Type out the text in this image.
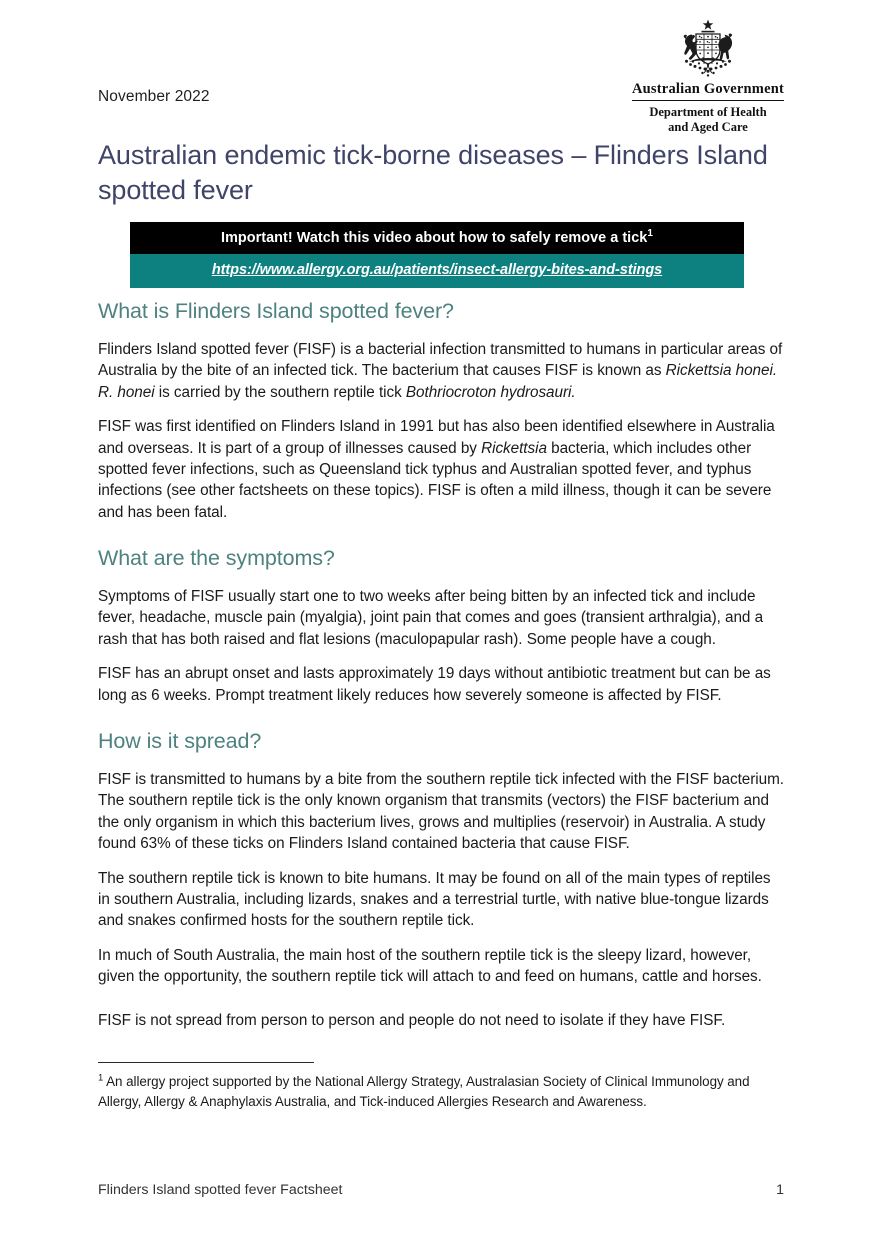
November 2022	Australian Government
Department of Health
and Aged Care
Australian endemic tick-borne diseases – Flinders Island spotted fever
Important! Watch this video about how to safely remove a tick$^1$
https://www.allergy.org.au/patients/insect-allergy-bites-and-stings
What is Flinders Island spotted fever?

Flinders Island spotted fever (FISF) is a bacterial infection transmitted to humans in particular areas of Australia by the bite of an infected tick. The bacterium that causes FISF is known as Rickettsia honei. R. honei is carried by the southern reptile tick Bothriocroton hydrosauri.

FISF was first identified on Flinders Island in 1991 but has also been identified elsewhere in Australia and overseas. It is part of a group of illnesses caused by Rickettsia bacteria, which includes other spotted fever infections, such as Queensland tick typhus and Australian spotted fever, and typhus infections (see other factsheets on these topics). FISF is often a mild illness, though it can be severe and has been fatal.

What are the symptoms?

Symptoms of FISF usually start one to two weeks after being bitten by an infected tick and include fever, headache, muscle pain (myalgia), joint pain that comes and goes (transient arthralgia), and a rash that has both raised and flat lesions (maculopapular rash). Some people have a cough.

FISF has an abrupt onset and lasts approximately 19 days without antibiotic treatment but can be as long as 6 weeks. Prompt treatment likely reduces how severely someone is affected by FISF.

How is it spread?

FISF is transmitted to humans by a bite from the southern reptile tick infected with the FISF bacterium. The southern reptile tick is the only known organism that transmits (vectors) the FISF bacterium and the only organism in which this bacterium lives, grows and multiplies (reservoir) in Australia. A study found 63% of these ticks on Flinders Island contained bacteria that cause FISF.

The southern reptile tick is known to bite humans. It may be found on all of the main types of reptiles in southern Australia, including lizards, snakes and a terrestrial turtle, with native blue-tongue lizards and snakes confirmed hosts for the southern reptile tick.

In much of South Australia, the main host of the southern reptile tick is the sleepy lizard, however, given the opportunity, the southern reptile tick will attach to and feed on humans, cattle and horses.

FISF is not spread from person to person and people do not need to isolate if they have FISF.

$^1$ An allergy project supported by the National Allergy Strategy, Australasian Society of Clinical Immunology and Allergy, Allergy & Anaphylaxis Australia, and Tick-induced Allergies Research and Awareness.

Flinders Island spotted fever Factsheet	1
